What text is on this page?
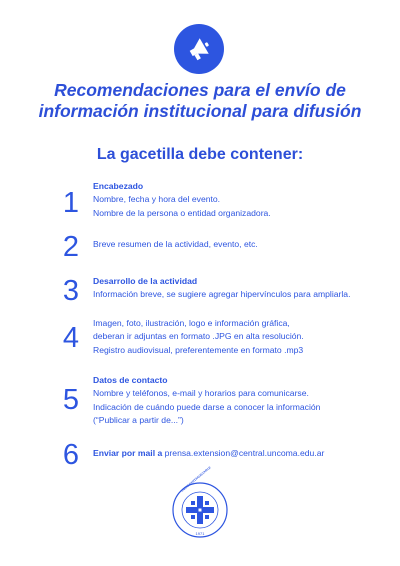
Recomendaciones para el envío de
información institucional para difusión
La gacetilla debe contener:
1
Encabezado
Nombre, fecha y hora del evento.
Nombre de la persona o entidad organizadora.
2	Breve resumen de la actividad, evento, etc.
3	Desarrollo de la actividad
Información breve, se sugiere agregar hipervínculos para ampliarla.
4	Imagen, foto, ilustración, logo e información gráfica,
deberan ir adjuntas en formato .JPG en alta resolución.
Registro audiovisual, preferentemente en formato .mp3
5
Datos de contacto
Nombre y teléfonos, e-mail y horarios para comunicarse.
Indicación de cuándo puede darse a conocer la información
(“Publicar a partir de...”)
6	Enviar por mail a prensa.extension@central.uncoma.edu.ar
1971
UNIVERSIDAD NACIONAL DEL COMAHUE
